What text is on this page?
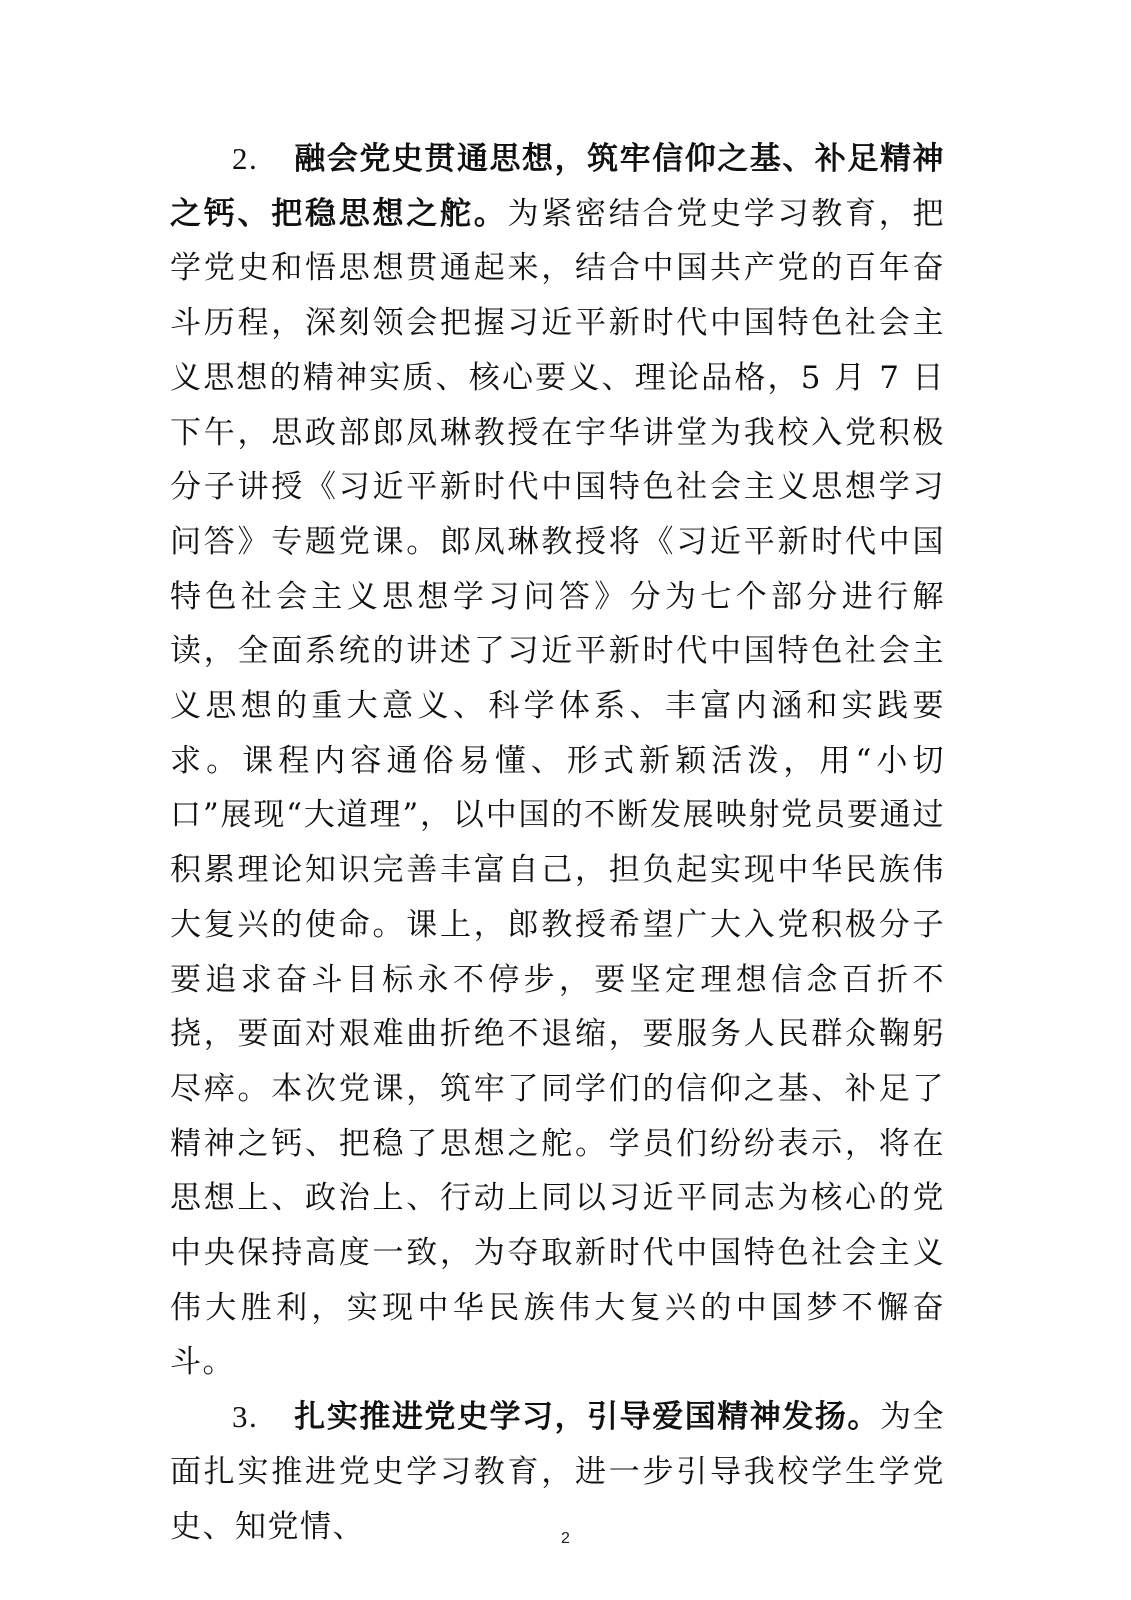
2. 融会党史贯通思想，筑牢信仰之基、补足精神之钙、把稳思想之舵。为紧密结合党史学习教育，把学党史和悟思想贯通起来，结合中国共产党的百年奋斗历程，深刻领会把握习近平新时代中国特色社会主义思想的精神实质、核心要义、理论品格，5 月 7 日下午，思政部郎凤琳教授在宇华讲堂为我校入党积极分子讲授《习近平新时代中国特色社会主义思想学习问答》专题党课。郎凤琳教授将《习近平新时代中国特色社会主义思想学习问答》分为七个部分进行解读，全面系统的讲述了习近平新时代中国特色社会主义思想的重大意义、科学体系、丰富内涵和实践要求。课程内容通俗易懂、形式新颖活泼，用“小切口”展现“大道理”，以中国的不断发展映射党员要通过积累理论知识完善丰富自己，担负起实现中华民族伟大复兴的使命。课上，郎教授希望广大入党积极分子要追求奋斗目标永不停步，要坚定理想信念百折不挠，要面对艰难曲折绝不退缩，要服务人民群众鞠躬尽瘁。本次党课，筑牢了同学们的信仰之基、补足了精神之钙、把稳了思想之舵。学员们纷纷表示，将在思想上、政治上、行动上同以习近平同志为核心的党中央保持高度一致，为夺取新时代中国特色社会主义伟大胜利，实现中华民族伟大复兴的中国梦不懈奋斗。

3. 扎实推进党史学习，引导爱国精神发扬。为全面扎实推进党史学习教育，进一步引导我校学生学党史、知党情、	2
